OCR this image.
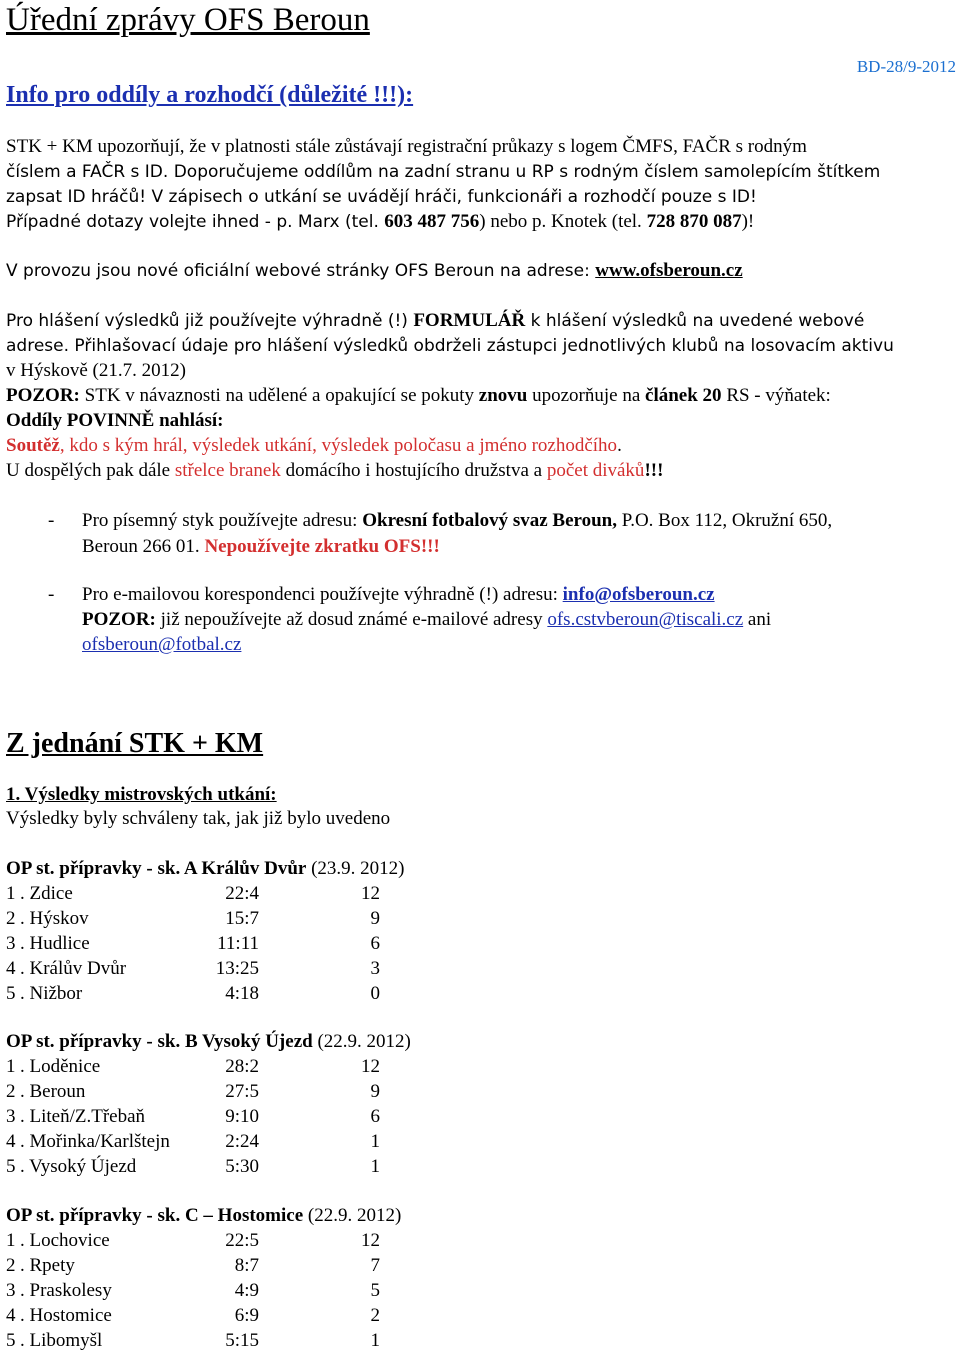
Úřední zprávy OFS Beroun
BD-28/9-2012
Info pro oddíly a rozhodčí (důležité !!!):
STK + KM upozorňují, že v platnosti stále zůstávají registrační průkazy s logem ČMFS, FAČR s rodným
číslem a FAČR s ID. Doporučujeme oddílům na zadní stranu u RP s rodným číslem samolepícím štítkem
zapsat ID hráčů! V zápisech o utkání se uvádějí hráči, funkcionáři a rozhodčí pouze s ID!
Případné dotazy volejte ihned - p. Marx (tel. 603 487 756) nebo p. Knotek (tel. 728 870 087)!
V provozu jsou nové oficiální webové stránky OFS Beroun na adrese: www.ofsberoun.cz
Pro hlášení výsledků již používejte výhradně (!) FORMULÁŘ k hlášení výsledků na uvedené webové
adrese. Přihlašovací údaje pro hlášení výsledků obdrželi zástupci jednotlivých klubů na losovacím aktivu
v Hýskově (21.7. 2012)
POZOR: STK v návaznosti na udělené a opakující se pokuty znovu upozorňuje na článek 20 RS - výňatek:
Oddíly POVINNĚ nahlásí:
Soutěž, kdo s kým hrál, výsledek utkání, výsledek poločasu a jméno rozhodčího.
U dospělých pak dále střelce branek domácího i hostujícího družstva a počet diváků!!!
- Pro písemný styk používejte adresu: Okresní fotbalový svaz Beroun, P.O. Box 112, Okružní 650,
Beroun 266 01. Nepoužívejte zkratku OFS!!!
- Pro e-mailovou korespondenci používejte výhradně (!) adresu: info@ofsberoun.cz
POZOR: již nepoužívejte až dosud známé e-mailové adresy ofs.cstvberoun@tiscali.cz ani
ofsberoun@fotbal.cz
Z jednání STK + KM
1. Výsledky mistrovských utkání:
Výsledky byly schváleny tak, jak již bylo uvedeno
OP st. přípravky - sk. A Králův Dvůr (23.9. 2012)
1 . Zdice	22:4	12
2 . Hýskov	15:7	9
3 . Hudlice	11:11	6
4 . Králův Dvůr	13:25	3
5 . Nižbor	4:18	0
OP st. přípravky - sk. B Vysoký Újezd (22.9. 2012)
1 . Loděnice	28:2	12
2 . Beroun	27:5	9
3 . Liteň/Z.Třebaň	9:10	6
4 . Mořinka/Karlštejn	2:24	1
5 . Vysoký Újezd	5:30	1
OP st. přípravky - sk. C – Hostomice (22.9. 2012)
1 . Lochovice	22:5	12
2 . Rpety	8:7	7
3 . Praskolesy	4:9	5
4 . Hostomice	6:9	2
5 . Libomyšl	5:15	1
